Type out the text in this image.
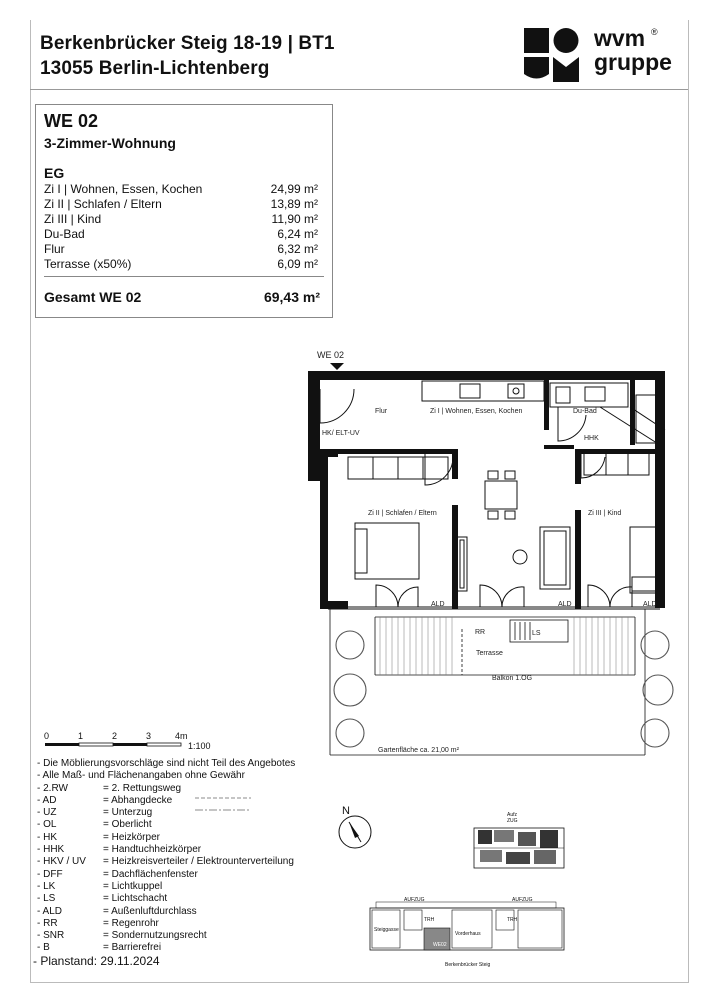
Berkenbrücker Steig 18-19 | BT1
13055 Berlin-Lichtenberg
wvm ®
gruppe
WE 02
3-Zimmer-Wohnung
EG
Zi I | Wohnen, Essen, Kochen	24,99 m²
Zi II | Schlafen / Eltern	13,89 m²
Zi III | Kind	11,90 m²
Du-Bad	6,24 m²
Flur	6,32 m²
Terrasse (x50%)	6,09 m²
Gesamt WE 02	69,43 m²
WE 02
Flur	Zi I | Wohnen, Essen, Kochen	Du-Bad
HK/ ELT-UV
HHK
Zi II | Schlafen / Eltern	Zi III | Kind
ALD	ALD	ALD
RR	LS
Terrasse
Balkon 1.OG
Gartenfläche ca. 21,00 m²
0	1	2	3	4m
1:100
- Die Möblierungsvorschläge sind nicht Teil des Angebotes
- Alle Maß- und Flächenangaben ohne Gewähr
- 2.RW	= 2. Rettungsweg
- AD	= Abhangdecke
- UZ	= Unterzug
- OL	= Oberlicht
- HK	= Heizkörper
- HHK	= Handtuchheizkörper
- HKV / UV = Heizkreisverteiler / Elektrounterverteilung
- DFF	= Dachflächenfenster
- LK	= Lichtkuppel
- LS	= Lichtschacht
- ALD	= Außenluftdurchlass
- RR	= Regenrohr
- SNR	= Sondernutzungsrecht
- B	= Barrierefrei
- Planstand: 29.11.2024
N	Aufz
ZUG
AUFZUG	AUFZUG
TRH	TRH
Steiggasse
Vorderhaus
WE02
Berkenbrücker Steig
